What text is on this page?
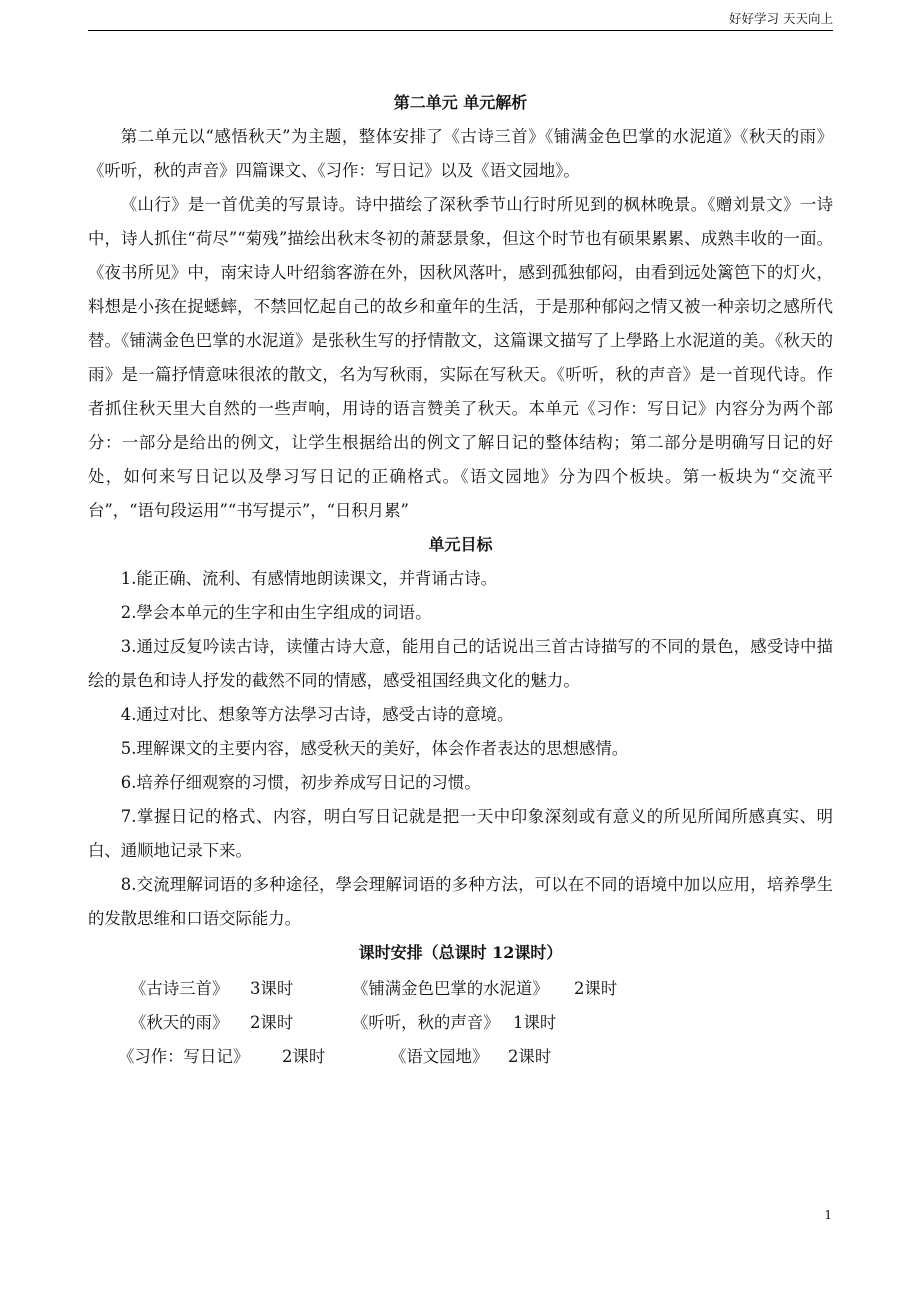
好好学习 天天向上

第二单元 单元解析

第二单元以“感悟秋天”为主题，整体安排了《古诗三首》《铺满金色巴掌的水泥道》《秋天的雨》《听听，秋的声音》四篇课文、《习作：写日记》以及《语文园地》。

《山行》是一首优美的写景诗。诗中描绘了深秋季节山行时所见到的枫林晚景。《赠刘景文》一诗中，诗人抓住“荷尽”“菊残”描绘出秋末冬初的萧瑟景象，但这个时节也有硕果累累、成熟丰收的一面。《夜书所见》中，南宋诗人叶绍翁客游在外，因秋风落叶，感到孤独郁闷，由看到远处篱笆下的灯火，料想是小孩在捉蟋蟀，不禁回忆起自己的故乡和童年的生活，于是那种郁闷之情又被一种亲切之感所代替。《铺满金色巴掌的水泥道》是张秋生写的抒情散文，这篇课文描写了上學路上水泥道的美。《秋天的雨》是一篇抒情意味很浓的散文，名为写秋雨，实际在写秋天。《听听，秋的声音》是一首现代诗。作者抓住秋天里大自然的一些声响，用诗的语言赞美了秋天。本单元《习作：写日记》内容分为两个部分：一部分是给出的例文，让学生根据给出的例文了解日记的整体结构；第二部分是明确写日记的好处，如何来写日记以及學习写日记的正确格式。《语文园地》分为四个板块。第一板块为“交流平台”，“语句段运用”“书写提示”，“日积月累”

单元目标

1.能正确、流利、有感情地朗读课文，并背诵古诗。

2.學会本单元的生字和由生字组成的词语。

3.通过反复吟读古诗，读懂古诗大意，能用自己的话说出三首古诗描写的不同的景色，感受诗中描绘的景色和诗人抒发的截然不同的情感，感受祖国经典文化的魅力。

4.通过对比、想象等方法學习古诗，感受古诗的意境。

5.理解课文的主要内容，感受秋天的美好，体会作者表达的思想感情。

6.培养仔细观察的习惯，初步养成写日记的习惯。

7.掌握日记的格式、内容，明白写日记就是把一天中印象深刻或有意义的所见所闻所感真实、明白、通顺地记录下来。

8.交流理解词语的多种途径，學会理解词语的多种方法，可以在不同的语境中加以应用，培养學生的发散思维和口语交际能力。

课时安排（总课时 12课时）

《古诗三首》 3课时	《铺满金色巴掌的水泥道》 2课时
《秋天的雨》 2课时	《听听，秋的声音》 1课时
《习作：写日记》 2课时	《语文园地》 2课时
1
